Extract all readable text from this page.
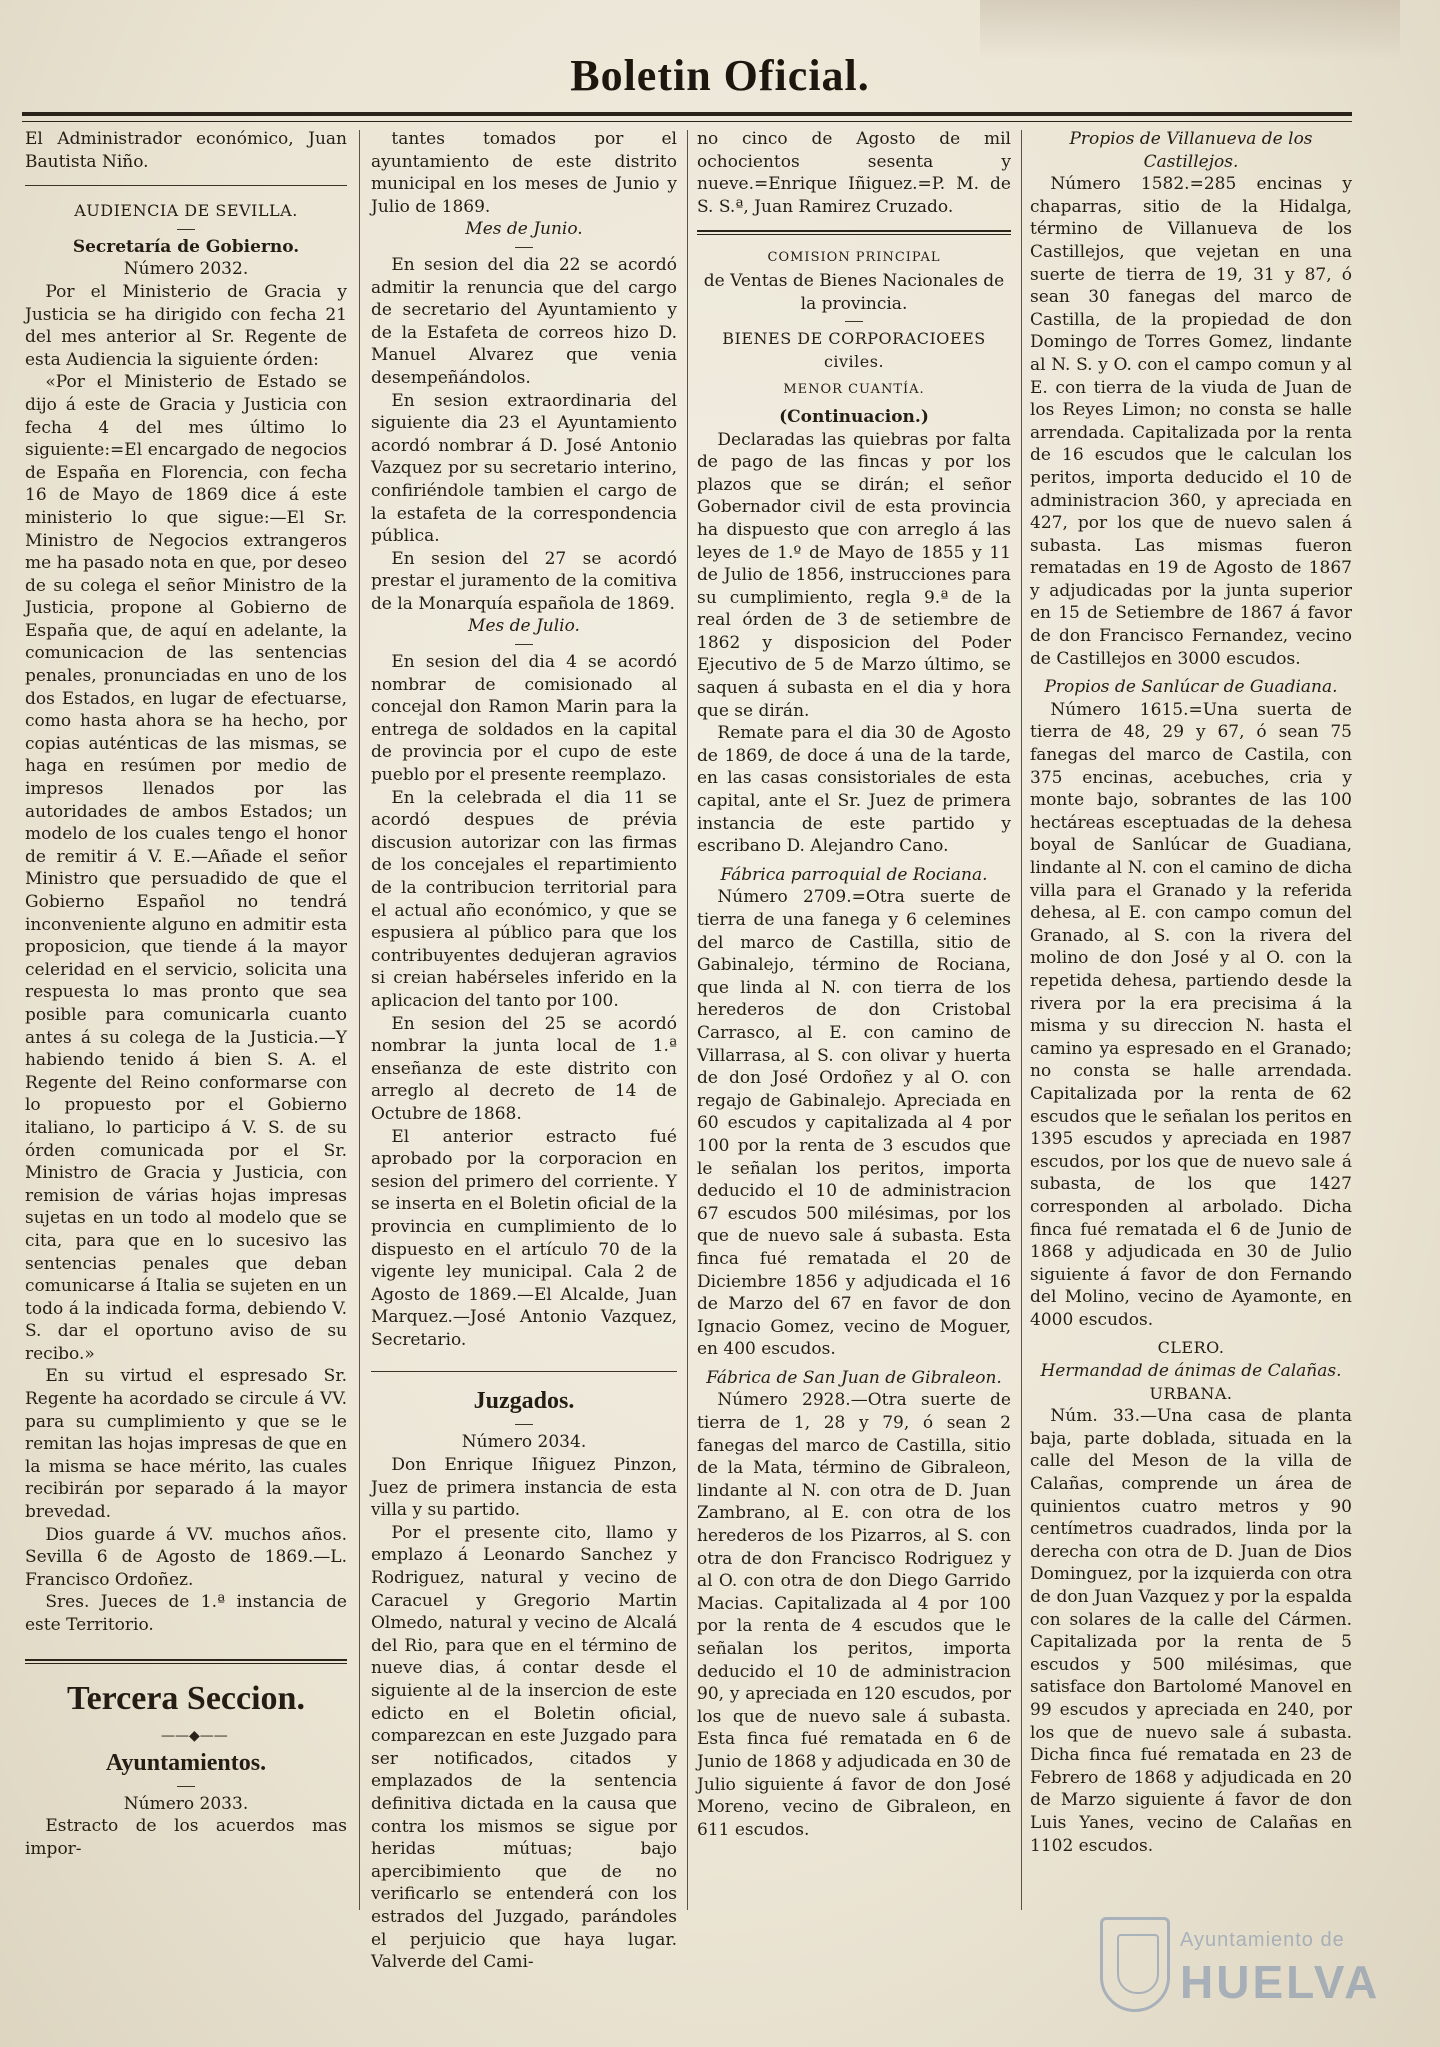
Boletin Oficial.

El Administrador económico, Juan Bautista Niño.

AUDIENCIA DE SEVILLA.

Secretaría de Gobierno.

Número 2032.

Por el Ministerio de Gracia y Justicia se ha dirigido con fecha 21 del mes anterior al Sr. Regente de esta Audiencia la siguiente órden:

«Por el Ministerio de Estado se dijo á este de Gracia y Justicia con fecha 4 del mes último lo siguiente:=El encargado de negocios de España en Florencia, con fecha 16 de Mayo de 1869 dice á este ministerio lo que sigue:—El Sr. Ministro de Negocios extrangeros me ha pasado nota en que, por deseo de su colega el señor Ministro de la Justicia, propone al Gobierno de España que, de aquí en adelante, la comunicacion de las sentencias penales, pronunciadas en uno de los dos Estados, en lugar de efectuarse, como hasta ahora se ha hecho, por copias auténticas de las mismas, se haga en resúmen por medio de impresos llenados por las autoridades de ambos Estados; un modelo de los cuales tengo el honor de remitir á V. E.—Añade el señor Ministro que persuadido de que el Gobierno Español no tendrá inconveniente alguno en admitir esta proposicion, que tiende á la mayor celeridad en el servicio, solicita una respuesta lo mas pronto que sea posible para comunicarla cuanto antes á su colega de la Justicia.—Y habiendo tenido á bien S. A. el Regente del Reino conformarse con lo propuesto por el Gobierno italiano, lo participo á V. S. de su órden comunicada por el Sr. Ministro de Gracia y Justicia, con remision de várias hojas impresas sujetas en un todo al modelo que se cita, para que en lo sucesivo las sentencias penales que deban comunicarse á Italia se sujeten en un todo á la indicada forma, debiendo V. S. dar el oportuno aviso de su recibo.»

En su virtud el espresado Sr. Regente ha acordado se circule á VV. para su cumplimiento y que se le remitan las hojas impresas de que en la misma se hace mérito, las cuales recibirán por separado á la mayor brevedad.

Dios guarde á VV. muchos años. Sevilla 6 de Agosto de 1869.—L. Francisco Ordoñez.

Sres. Jueces de 1.ª instancia de este Territorio.

Tercera Seccion.

——◆——

Ayuntamientos.

Número 2033.

Estracto de los acuerdos mas impor-

tantes tomados por el ayuntamiento de este distrito municipal en los meses de Junio y Julio de 1869.

Mes de Junio.

En sesion del dia 22 se acordó admitir la renuncia que del cargo de secretario del Ayuntamiento y de la Estafeta de correos hizo D. Manuel Alvarez que venia desempeñándolos.

En sesion extraordinaria del siguiente dia 23 el Ayuntamiento acordó nombrar á D. José Antonio Vazquez por su secretario interino, confiriéndole tambien el cargo de la estafeta de la correspondencia pública.

En sesion del 27 se acordó prestar el juramento de la comitiva de la Monarquía española de 1869.

Mes de Julio.

En sesion del dia 4 se acordó nombrar de comisionado al concejal don Ramon Marin para la entrega de soldados en la capital de provincia por el cupo de este pueblo por el presente reemplazo.

En la celebrada el dia 11 se acordó despues de prévia discusion autorizar con las firmas de los concejales el repartimiento de la contribucion territorial para el actual año económico, y que se espusiera al público para que los contribuyentes dedujeran agravios si creian habérseles inferido en la aplicacion del tanto por 100.

En sesion del 25 se acordó nombrar la junta local de 1.ª enseñanza de este distrito con arreglo al decreto de 14 de Octubre de 1868.

El anterior estracto fué aprobado por la corporacion en sesion del primero del corriente. Y se inserta en el Boletin oficial de la provincia en cumplimiento de lo dispuesto en el artículo 70 de la vigente ley municipal. Cala 2 de Agosto de 1869.—El Alcalde, Juan Marquez.—José Antonio Vazquez, Secretario.

Juzgados.

Número 2034.

Don Enrique Iñiguez Pinzon, Juez de primera instancia de esta villa y su partido.

Por el presente cito, llamo y emplazo á Leonardo Sanchez y Rodriguez, natural y vecino de Caracuel y Gregorio Martin Olmedo, natural y vecino de Alcalá del Rio, para que en el término de nueve dias, á contar desde el siguiente al de la insercion de este edicto en el Boletin oficial, comparezcan en este Juzgado para ser notificados, citados y emplazados de la sentencia definitiva dictada en la causa que contra los mismos se sigue por heridas mútuas; bajo apercibimiento que de no verificarlo se entenderá con los estrados del Juzgado, parándoles el perjuicio que haya lugar. Valverde del Cami-

no cinco de Agosto de mil ochocientos sesenta y nueve.=Enrique Iñiguez.=P. M. de S. S.ª, Juan Ramirez Cruzado.

COMISION PRINCIPAL

de Ventas de Bienes Nacionales de la provincia.

BIENES DE CORPORACIOEES civiles.

MENOR CUANTÍA.

(Continuacion.)

Declaradas las quiebras por falta de pago de las fincas y por los plazos que se dirán; el señor Gobernador civil de esta provincia ha dispuesto que con arreglo á las leyes de 1.º de Mayo de 1855 y 11 de Julio de 1856, instrucciones para su cumplimiento, regla 9.ª de la real órden de 3 de setiembre de 1862 y disposicion del Poder Ejecutivo de 5 de Marzo último, se saquen á subasta en el dia y hora que se dirán.

Remate para el dia 30 de Agosto de 1869, de doce á una de la tarde, en las casas consistoriales de esta capital, ante el Sr. Juez de primera instancia de este partido y escribano D. Alejandro Cano.

Fábrica parroquial de Rociana.

Número 2709.=Otra suerte de tierra de una fanega y 6 celemines del marco de Castilla, sitio de Gabinalejo, término de Rociana, que linda al N. con tierra de los herederos de don Cristobal Carrasco, al E. con camino de Villarrasa, al S. con olivar y huerta de don José Ordoñez y al O. con regajo de Gabinalejo. Apreciada en 60 escudos y capitalizada al 4 por 100 por la renta de 3 escudos que le señalan los peritos, importa deducido el 10 de administracion 67 escudos 500 milésimas, por los que de nuevo sale á subasta. Esta finca fué rematada el 20 de Diciembre 1856 y adjudicada el 16 de Marzo del 67 en favor de don Ignacio Gomez, vecino de Moguer, en 400 escudos.

Fábrica de San Juan de Gibraleon.

Número 2928.—Otra suerte de tierra de 1, 28 y 79, ó sean 2 fanegas del marco de Castilla, sitio de la Mata, término de Gibraleon, lindante al N. con otra de D. Juan Zambrano, al E. con otra de los herederos de los Pizarros, al S. con otra de don Francisco Rodriguez y al O. con otra de don Diego Garrido Macias. Capitalizada al 4 por 100 por la renta de 4 escudos que le señalan los peritos, importa deducido el 10 de administracion 90, y apreciada en 120 escudos, por los que de nuevo sale á subasta. Esta finca fué rematada en 6 de Junio de 1868 y adjudicada en 30 de Julio siguiente á favor de don José Moreno, vecino de Gibraleon, en 611 escudos.

Propios de Villanueva de los Castillejos.

Número 1582.=285 encinas y chaparras, sitio de la Hidalga, término de Villanueva de los Castillejos, que vejetan en una suerte de tierra de 19, 31 y 87, ó sean 30 fanegas del marco de Castilla, de la propiedad de don Domingo de Torres Gomez, lindante al N. S. y O. con el campo comun y al E. con tierra de la viuda de Juan de los Reyes Limon; no consta se halle arrendada. Capitalizada por la renta de 16 escudos que le calculan los peritos, importa deducido el 10 de administracion 360, y apreciada en 427, por los que de nuevo salen á subasta. Las mismas fueron rematadas en 19 de Agosto de 1867 y adjudicadas por la junta superior en 15 de Setiembre de 1867 á favor de don Francisco Fernandez, vecino de Castillejos en 3000 escudos.

Propios de Sanlúcar de Guadiana.

Número 1615.=Una suerta de tierra de 48, 29 y 67, ó sean 75 fanegas del marco de Castila, con 375 encinas, acebuches, cria y monte bajo, sobrantes de las 100 hectáreas esceptuadas de la dehesa boyal de Sanlúcar de Guadiana, lindante al N. con el camino de dicha villa para el Granado y la referida dehesa, al E. con campo comun del Granado, al S. con la rivera del molino de don José y al O. con la repetida dehesa, partiendo desde la rivera por la era precisima á la misma y su direccion N. hasta el camino ya espresado en el Granado; no consta se halle arrendada. Capitalizada por la renta de 62 escudos que le señalan los peritos en 1395 escudos y apreciada en 1987 escudos, por los que de nuevo sale á subasta, de los que 1427 corresponden al arbolado. Dicha finca fué rematada el 6 de Junio de 1868 y adjudicada en 30 de Julio siguiente á favor de don Fernando del Molino, vecino de Ayamonte, en 4000 escudos.

CLERO.

Hermandad de ánimas de Calañas.

URBANA.

Núm. 33.—Una casa de planta baja, parte doblada, situada en la calle del Meson de la villa de Calañas, comprende un área de quinientos cuatro metros y 90 centímetros cuadrados, linda por la derecha con otra de D. Juan de Dios Dominguez, por la izquierda con otra de don Juan Vazquez y por la espalda con solares de la calle del Cármen. Capitalizada por la renta de 5 escudos y 500 milésimas, que satisface don Bartolomé Manovel en 99 escudos y apreciada en 240, por los que de nuevo sale á subasta. Dicha finca fué rematada en 23 de Febrero de 1868 y adjudicada en 20 de Marzo siguiente á favor de don Luis Yanes, vecino de Calañas en 1102 escudos.

Ayuntamiento de
HUELVA
